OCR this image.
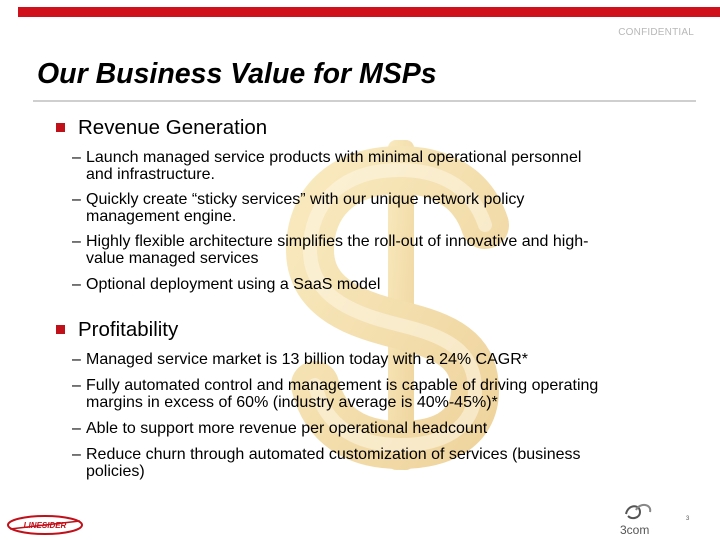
CONFIDENTIAL
Our Business Value for MSPs
Revenue Generation
– Launch managed service products with minimal operational personnel
and infrastructure.
– Quickly create “sticky services” with our unique network policy
management engine.
– Highly flexible architecture simplifies the roll-out of innovative and high-
value managed services
– Optional deployment using a SaaS model
Profitability
– Managed service market is 13 billion today with a 24% CAGR*
– Fully automated control and management is capable of driving operating
margins in excess of 60% (industry average is 40%-45%)*
– Able to support more revenue per operational headcount
– Reduce churn through automated customization of services (business
policies)
LINESIDER	3com
3
